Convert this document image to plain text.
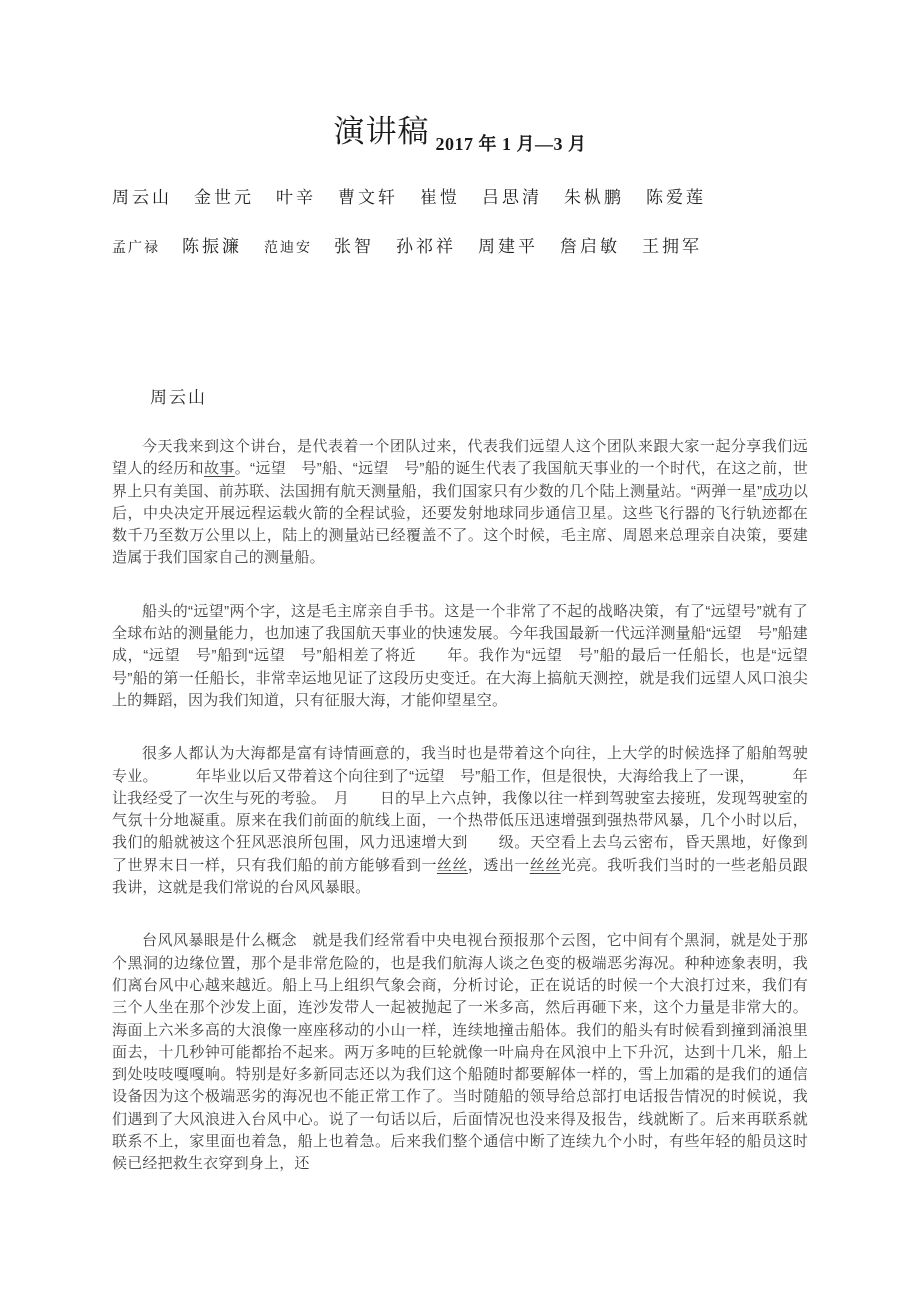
演讲稿 2017 年 1 月—3 月
周云山 金世元 叶辛 曹文轩 崔愷 吕思清 朱枞鹏 陈爱莲
孟广禄 陈振濂 范迪安 张智 孙祁祥 周建平 詹启敏 王拥军
周云山

今天我来到这个讲台，是代表着一个团队过来，代表我们远望人这个团队来跟大家一起分享我们远望人的经历和故事。“远望　号”船、“远望　号”船的诞生代表了我国航天事业的一个时代，在这之前，世界上只有美国、前苏联、法国拥有航天测量船，我们国家只有少数的几个陆上测量站。“两弹一星”成功以后，中央决定开展远程运载火箭的全程试验，还要发射地球同步通信卫星。这些飞行器的飞行轨迹都在数千乃至数万公里以上，陆上的测量站已经覆盖不了。这个时候，毛主席、周恩来总理亲自决策，要建造属于我们国家自己的测量船。

船头的“远望”两个字，这是毛主席亲自手书。这是一个非常了不起的战略决策，有了“远望号”就有了全球布站的测量能力，也加速了我国航天事业的快速发展。今年我国最新一代远洋测量船“远望　号”船建成，“远望　号”船到“远望　号”船相差了将近　　年。我作为“远望　号”船的最后一任船长，也是“远望　号”船的第一任船长，非常幸运地见证了这段历史变迁。在大海上搞航天测控，就是我们远望人风口浪尖上的舞蹈，因为我们知道，只有征服大海，才能仰望星空。

很多人都认为大海都是富有诗情画意的，我当时也是带着这个向往，上大学的时候选择了船舶驾驶专业。　　　年毕业以后又带着这个向往到了“远望　号”船工作，但是很快，大海给我上了一课，　　　年让我经受了一次生与死的考验。　月　　日的早上六点钟，我像以往一样到驾驶室去接班，发现驾驶室的气氛十分地凝重。原来在我们前面的航线上面，一个热带低压迅速增强到强热带风暴，几个小时以后，我们的船就被这个狂风恶浪所包围，风力迅速增大到　　级。天空看上去乌云密布，昏天黑地，好像到了世界末日一样，只有我们船的前方能够看到一丝丝，透出一丝丝光亮。我听我们当时的一些老船员跟我讲，这就是我们常说的台风风暴眼。

台风风暴眼是什么概念　就是我们经常看中央电视台预报那个云图，它中间有个黑洞，就是处于那个黑洞的边缘位置，那个是非常危险的，也是我们航海人谈之色变的极端恶劣海况。种种迹象表明，我们离台风中心越来越近。船上马上组织气象会商，分析讨论，正在说话的时候一个大浪打过来，我们有三个人坐在那个沙发上面，连沙发带人一起被抛起了一米多高，然后再砸下来，这个力量是非常大的。海面上六米多高的大浪像一座座移动的小山一样，连续地撞击船体。我们的船头有时候看到撞到涌浪里面去，十几秒钟可能都抬不起来。两万多吨的巨轮就像一叶扁舟在风浪中上下升沉，达到十几米，船上到处吱吱嘎嘎响。特别是好多新同志还以为我们这个船随时都要解体一样的，雪上加霜的是我们的通信设备因为这个极端恶劣的海况也不能正常工作了。当时随船的领导给总部打电话报告情况的时候说，我们遇到了大风浪进入台风中心。说了一句话以后，后面情况也没来得及报告，线就断了。后来再联系就联系不上，家里面也着急，船上也着急。后来我们整个通信中断了连续九个小时，有些年轻的船员这时候已经把救生衣穿到身上，还
